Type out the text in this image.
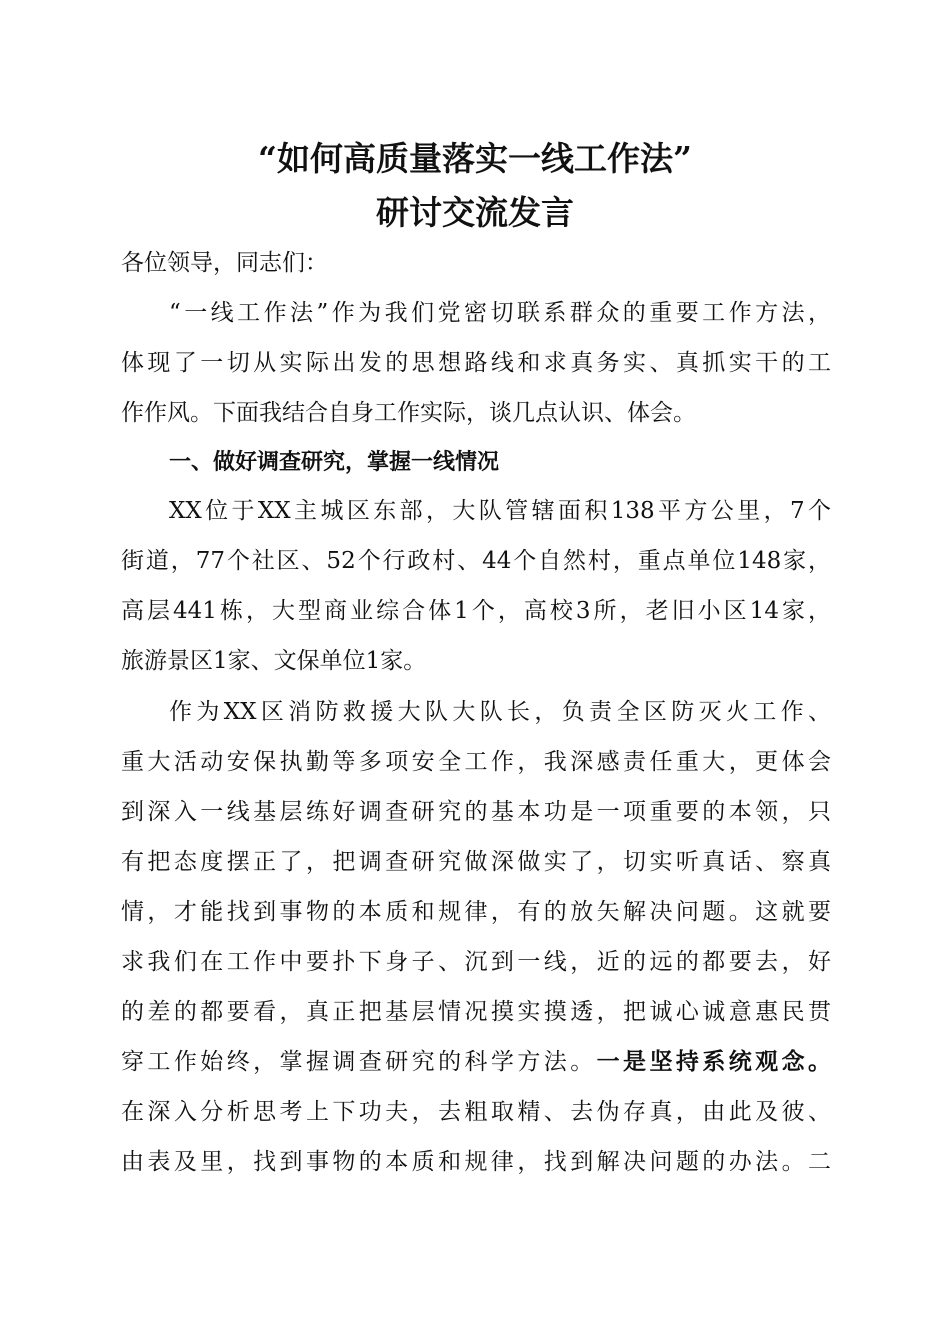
“如何高质量落实一线工作法”
研讨交流发言
各位领导，同志们：
“一线工作法”作为我们党密切联系群众的重要工作方法，
体现了一切从实际出发的思想路线和求真务实、真抓实干的工
作作风。下面我结合自身工作实际，谈几点认识、体会。
一、做好调查研究，掌握一线情况
XX位于XX主城区东部，大队管辖面积138平方公里，7个
街道，77个社区、52个行政村、44个自然村，重点单位148家，
高层441栋，大型商业综合体1个，高校3所，老旧小区14家，
旅游景区1家、文保单位1家。
作为XX区消防救援大队大队长，负责全区防灭火工作、
重大活动安保执勤等多项安全工作，我深感责任重大，更体会
到深入一线基层练好调查研究的基本功是一项重要的本领，只
有把态度摆正了，把调查研究做深做实了，切实听真话、察真
情，才能找到事物的本质和规律，有的放矢解决问题。这就要
求我们在工作中要扑下身子、沉到一线，近的远的都要去，好
的差的都要看，真正把基层情况摸实摸透，把诚心诚意惠民贯
穿工作始终，掌握调查研究的科学方法。一是坚持系统观念。
在深入分析思考上下功夫，去粗取精、去伪存真，由此及彼、
由表及里，找到事物的本质和规律，找到解决问题的办法。二
